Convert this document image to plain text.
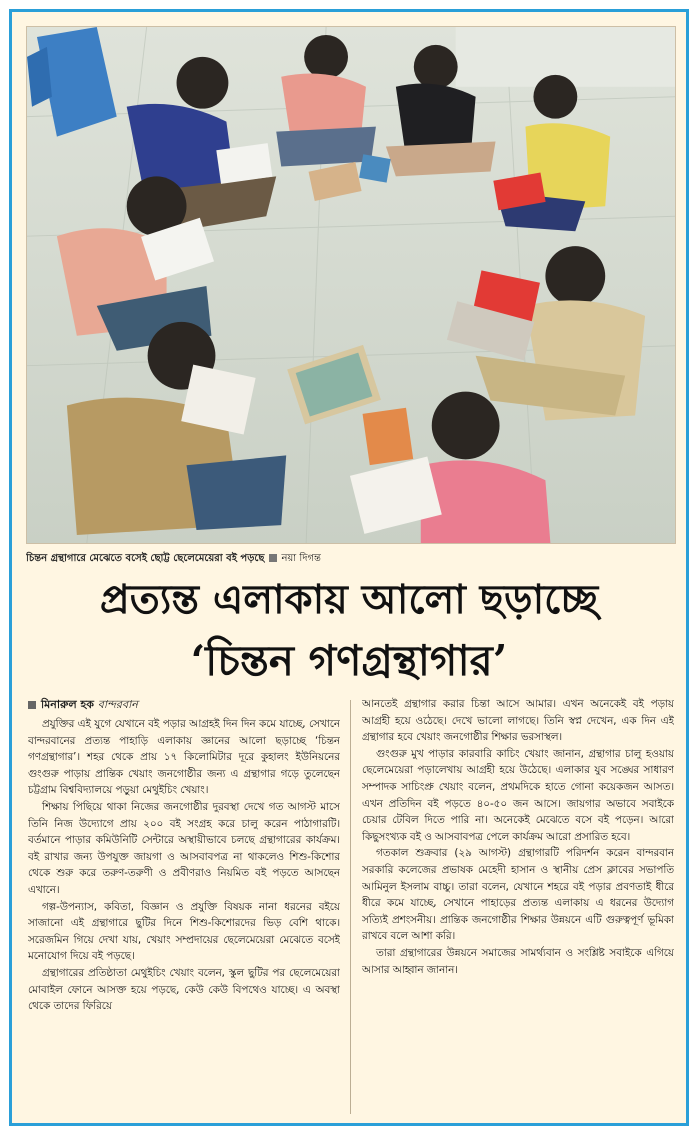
চিন্তন গ্রন্থাগারে মেঝেতে বসেই ছোট্ট ছেলেমেয়েরা বই পড়ছে নয়া দিগন্ত
প্রত্যন্ত এলাকায় আলো ছড়াচ্ছে
‘চিন্তন গণগ্রন্থাগার’
মিনারুল হক বান্দরবান

প্রযুক্তির এই যুগে যেখানে বই পড়ার আগ্রহই দিন দিন কমে যাচ্ছে, সেখানে বান্দরবানের প্রত্যন্ত পাহাড়ি এলাকায় জ্ঞানের আলো ছড়াচ্ছে ‘চিন্তন গণগ্রন্থাগার’। শহর থেকে প্রায় ১৭ কিলোমিটার দূরে কুহালং ইউনিয়নের গুংগুরু পাড়ায় প্রান্তিক খেয়াং জনগোষ্ঠীর জন্য এ গ্রন্থাগার গড়ে তুলেছেন চট্টগ্রাম বিশ্ববিদ্যালয়ে পড়ুয়া মেথুইচিং খেয়াং।

শিক্ষায় পিছিয়ে থাকা নিজের জনগোষ্ঠীর দুরবস্থা দেখে গত আগস্ট মাসে তিনি নিজ উদ্যোগে প্রায় ২০০ বই সংগ্রহ করে চালু করেন পাঠাগারটি। বর্তমানে পাড়ার কমিউনিটি সেন্টারে অস্থায়ীভাবে চলছে গ্রন্থাগারের কার্যক্রম। বই রাখার জন্য উপযুক্ত জায়গা ও আসবাবপত্র না থাকলেও শিশু-কিশোর থেকে শুরু করে তরুণ-তরুণী ও প্রবীণরাও নিয়মিত বই পড়তে আসছেন এখানে।

গল্প-উপন্যাস, কবিতা, বিজ্ঞান ও প্রযুক্তি বিষয়ক নানা ধরনের বইয়ে সাজানো এই গ্রন্থাগারে ছুটির দিনে শিশু-কিশোরদের ভিড় বেশি থাকে। সরেজমিন গিয়ে দেখা যায়, খেয়াং সম্প্রদায়ের ছেলেমেয়েরা মেঝেতে বসেই মনোযোগ দিয়ে বই পড়ছে।

গ্রন্থাগারের প্রতিষ্ঠাতা মেথুইচিং খেয়াং বলেন, স্কুল ছুটির পর ছেলেমেয়েরা মোবাইল ফোনে আসক্ত হয়ে পড়ছে, কেউ কেউ বিপথেও যাচ্ছে। এ অবস্থা থেকে তাদের ফিরিয়ে

আনতেই গ্রন্থাগার করার চিন্তা আসে আমার। এখন অনেকেই বই পড়ায় আগ্রহী হয়ে ওঠেছে। দেখে ভালো লাগছে। তিনি স্বপ্ন দেখেন, এক দিন এই গ্রন্থাগার হবে খেয়াং জনগোষ্ঠীর শিক্ষার ভরসাস্থল।

গুংগুরু মুখ পাড়ার কারবারি কাচিং খেয়াং জানান, গ্রন্থাগার চালু হওয়ায় ছেলেমেয়েরা পড়ালেখায় আগ্রহী হয়ে উঠেছে। এলাকার যুব সঙ্ঘের সাধারণ সম্পাদক সাচিংপ্রু খেয়াং বলেন, প্রথমদিকে হাতে গোনা কয়েকজন আসত। এখন প্রতিদিন বই পড়তে ৪০-৫০ জন আসে। জায়গার অভাবে সবাইকে চেয়ার টেবিল দিতে পারি না। অনেকেই মেঝেতে বসে বই পড়েন। আরো কিছুসংখ্যক বই ও আসবাবপত্র পেলে কার্যক্রম আরো প্রসারিত হবে।

গতকাল শুক্রবার (২৯ আগস্ট) গ্রন্থাগারটি পরিদর্শন করেন বান্দরবান সরকারি কলেজের প্রভাষক মেহেদী হাসান ও স্থানীয় প্রেস ক্লাবের সভাপতি আমিনুল ইসলাম বাচ্চু। তারা বলেন, যেখানে শহরে বই পড়ার প্রবণতাই ধীরে ধীরে কমে যাচ্ছে, সেখানে পাহাড়ের প্রত্যন্ত এলাকায় এ ধরনের উদ্যোগ সত্যিই প্রশংসনীয়। প্রান্তিক জনগোষ্ঠীর শিক্ষার উন্নয়নে এটি গুরুত্বপূর্ণ ভূমিকা রাখবে বলে আশা করি।

তারা গ্রন্থাগারের উন্নয়নে সমাজের সামর্থ্যবান ও সংশ্লিষ্ট সবাইকে এগিয়ে আসার আহ্বান জানান।
